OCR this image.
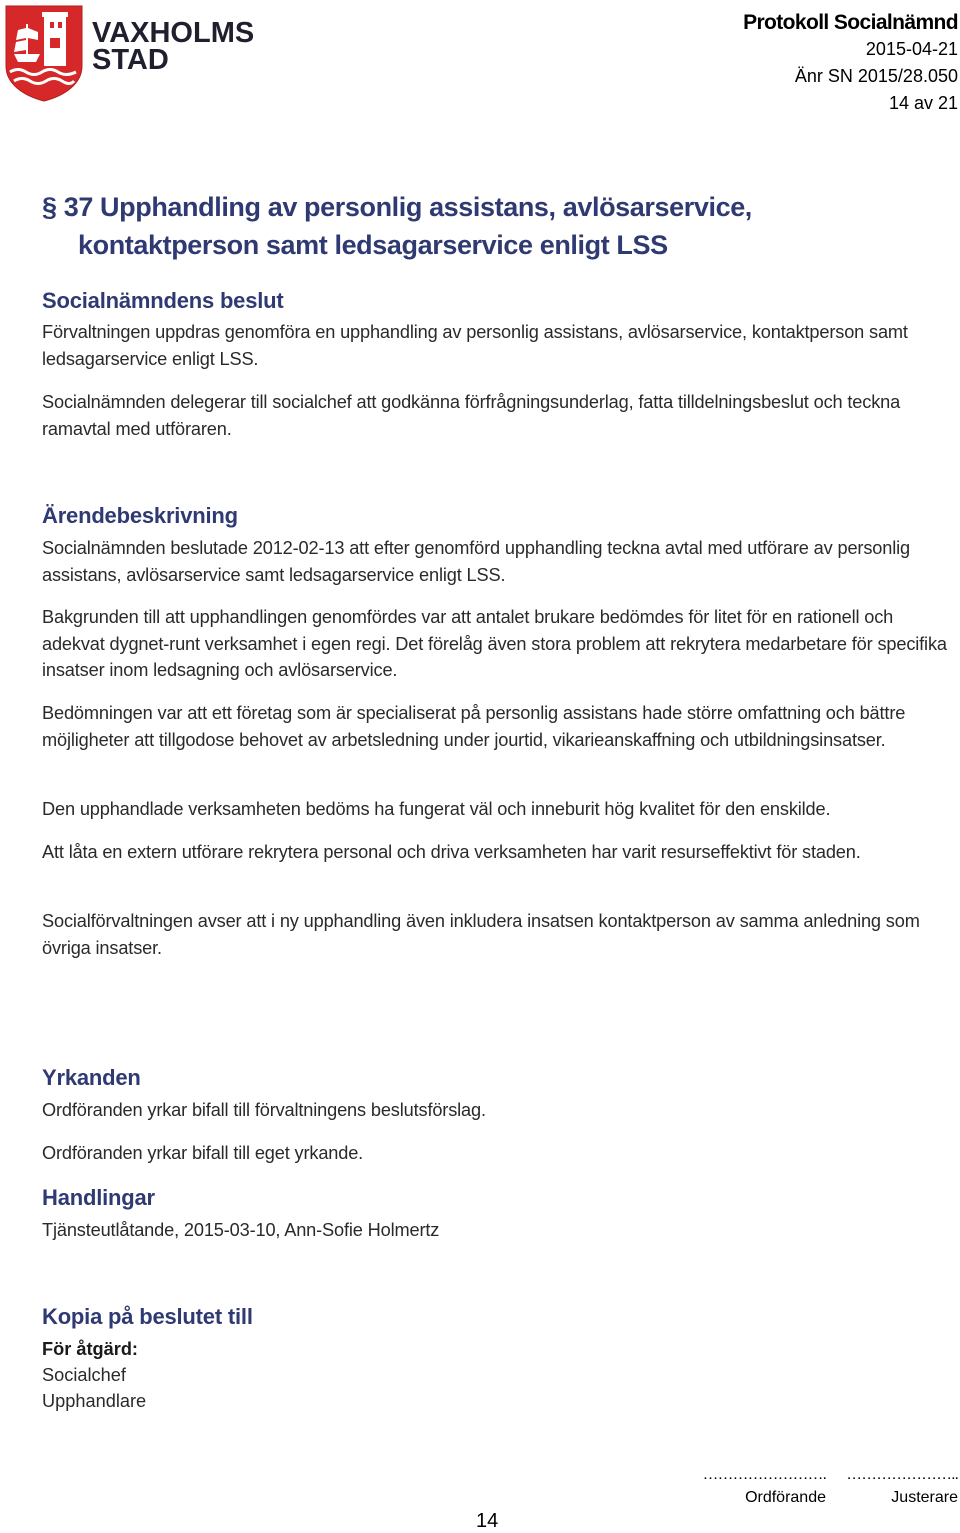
VAXHOLMS
STAD
Protokoll Socialnämnd
2015-04-21
Änr SN 2015/28.050
14 av 21
§ 37 Upphandling av personlig assistans, avlösarservice,
kontaktperson samt ledsagarservice enligt LSS
Socialnämndens beslut

Förvaltningen uppdras genomföra en upphandling av personlig assistans, avlösarservice, kontaktperson samt ledsagarservice enligt LSS.

Socialnämnden delegerar till socialchef att godkänna förfrågningsunderlag, fatta tilldelningsbeslut och teckna ramavtal med utföraren.

Ärendebeskrivning

Socialnämnden beslutade 2012-02-13 att efter genomförd upphandling teckna avtal med utförare av personlig assistans, avlösarservice samt ledsagarservice enligt LSS.

Bakgrunden till att upphandlingen genomfördes var att antalet brukare bedömdes för litet för en rationell och adekvat dygnet-runt verksamhet i egen regi. Det förelåg även stora problem att rekrytera medarbetare för specifika insatser inom ledsagning och avlösarservice.

Bedömningen var att ett företag som är specialiserat på personlig assistans hade större omfattning och bättre möjligheter att tillgodose behovet av arbetsledning under jourtid, vikarieanskaffning och utbildningsinsatser.

Den upphandlade verksamheten bedöms ha fungerat väl och inneburit hög kvalitet för den enskilde.

Att låta en extern utförare rekrytera personal och driva verksamheten har varit resurseffektivt för staden.

Socialförvaltningen avser att i ny upphandling även inkludera insatsen kontaktperson av samma anledning som övriga insatser.

Yrkanden

Ordföranden yrkar bifall till förvaltningens beslutsförslag.

Ordföranden yrkar bifall till eget yrkande.

Handlingar

Tjänsteutlåtande, 2015-03-10, Ann-Sofie Holmertz

Kopia på beslutet till
För åtgärd:
Socialchef
Upphandlare
…………………….
Ordförande
…………………..
Justerare
14
